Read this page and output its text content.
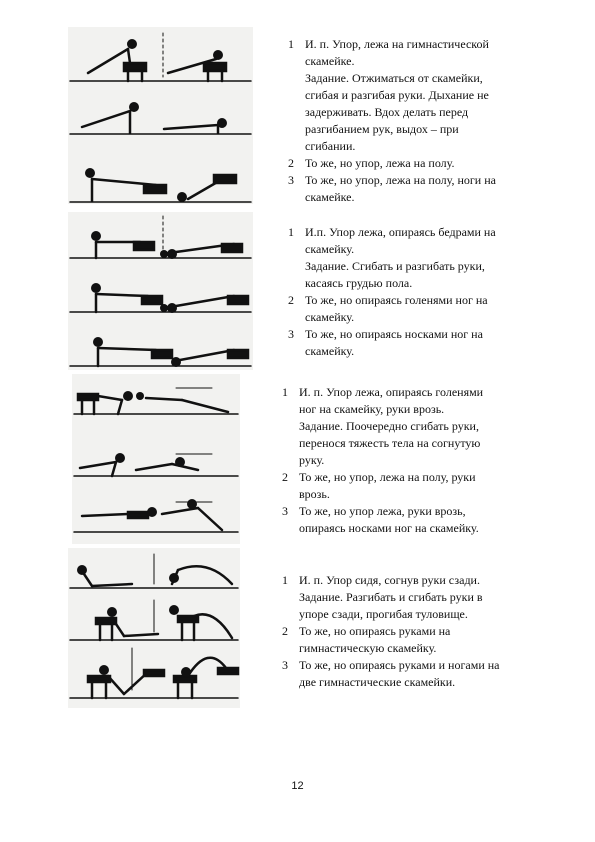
1 И. п. Упор, лежа на гимнастической
скамейке.
Задание. Отжиматься от скамейки,
сгибая и разгибая руки. Дыхание не
задерживать. Вдох делать перед
разгибанием рук, выдох – при
сгибании.
2 То же, но упор, лежа на полу.
3 То же, но упор, лежа на полу, ноги на
скамейке.
1 И.п. Упор лежа, опираясь бедрами на
скамейку.
Задание. Сгибать и разгибать руки,
касаясь грудью пола.
2 То же, но опираясь голенями ног на
скамейку.
3 То же, но опираясь носками ног на
скамейку.
1 И. п. Упор лежа, опираясь голенями
ног на скамейку, руки врозь.
Задание. Поочередно сгибать руки,
перенося тяжесть тела на согнутую
руку.
2 То же, но упор, лежа на полу, руки
врозь.
3 То же, но упор лежа, руки врозь,
опираясь носками ног на скамейку.
1 И. п. Упор сидя, согнув руки сзади.
Задание. Разгибать и сгибать руки в
упоре сзади, прогибая туловище.
2 То же, но опираясь руками на
гимнастическую скамейку.
3 То же, но опираясь руками и ногами на
две гимнастические скамейки.
12
